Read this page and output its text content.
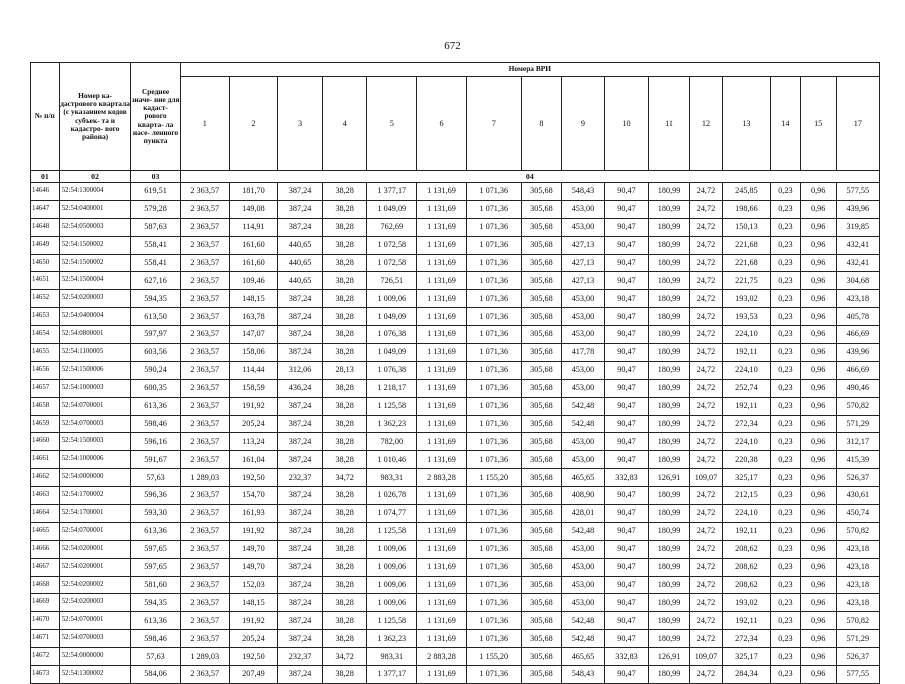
672
№ п/п	Номер ка- дастрового квартала (с указанием кодов субъек- та и кадастро- вого района)	Среднее значе- ние для кадаст- рового кварта- ла насе- ленного пункта	Номера ВРИ															
			1	2	3	4	5	6	7	8	9	10	11	12	13	14	15	17
01	02	03	04															
14646	52:54:1300004	619,51	2 363,57	181,70	387,24	38,28	1 377,17	1 131,69	1 071,36	305,68	548,43	90,47	180,99	24,72	245,85	0,23	0,96	577,55
14647	52:54:0400001	579,28	2 363,57	149,08	387,24	38,28	1 049,09	1 131,69	1 071,36	305,68	453,00	90,47	180,99	24,72	198,66	0,23	0,96	439,96
14648	52:54:0500003	587,63	2 363,57	114,91	387,24	38,28	762,69	1 131,69	1 071,36	305,68	453,00	90,47	180,99	24,72	150,13	0,23	0,96	319,85
14649	52:54:1500002	558,41	2 363,57	161,60	440,65	38,28	1 072,58	1 131,69	1 071,36	305,68	427,13	90,47	180,99	24,72	221,68	0,23	0,96	432,41
14650	52:54:1500002	558,41	2 363,57	161,60	440,65	38,28	1 072,58	1 131,69	1 071,36	305,68	427,13	90,47	180,99	24,72	221,68	0,23	0,96	432,41
14651	52:54:1500004	627,16	2 363,57	109,46	440,65	38,28	726,51	1 131,69	1 071,36	305,68	427,13	90,47	180,99	24,72	221,75	0,23	0,96	304,68
14652	52:54:0200003	594,35	2 363,57	148,15	387,24	38,28	1 009,06	1 131,69	1 071,36	305,68	453,00	90,47	180,99	24,72	193,02	0,23	0,96	423,18
14653	52:54:0400004	613,50	2 363,57	163,78	387,24	38,28	1 049,09	1 131,69	1 071,36	305,68	453,00	90,47	180,99	24,72	193,53	0,23	0,96	405,78
14654	52:54:0800001	597,97	2 363,57	147,07	387,24	38,28	1 076,38	1 131,69	1 071,36	305,68	453,00	90,47	180,99	24,72	224,10	0,23	0,96	466,69
14655	52:54:1100005	603,56	2 363,57	158,06	387,24	38,28	1 049,09	1 131,69	1 071,36	305,68	417,78	90,47	180,99	24,72	192,11	0,23	0,96	439,96
14656	52:54:1500006	590,24	2 363,57	114,44	312,06	28,13	1 076,38	1 131,69	1 071,36	305,68	453,00	90,47	180,99	24,72	224,10	0,23	0,96	466,69
14657	52:54:1000003	600,35	2 363,57	158,59	436,24	38,28	1 218,17	1 131,69	1 071,36	305,68	453,00	90,47	180,99	24,72	252,74	0,23	0,96	490,46
14658	52:54:0700001	613,36	2 363,57	191,92	387,24	38,28	1 125,58	1 131,69	1 071,36	305,68	542,48	90,47	180,99	24,72	192,11	0,23	0,96	570,82
14659	52:54:0700003	598,46	2 363,57	205,24	387,24	38,28	1 362,23	1 131,69	1 071,36	305,68	542,48	90,47	180,99	24,72	272,34	0,23	0,96	571,29
14660	52:54:1500003	596,16	2 363,57	113,24	387,24	38,28	782,00	1 131,69	1 071,36	305,68	453,00	90,47	180,99	24,72	224,10	0,23	0,96	312,17
14661	52:54:1000006	591,67	2 363,57	161,04	387,24	38,28	1 010,46	1 131,69	1 071,36	305,68	453,00	90,47	180,99	24,72	220,38	0,23	0,96	415,39
14662	52:54:0000000	57,63	1 289,03	192,50	232,37	34,72	983,31	2 883,28	1 155,20	305,68	465,65	332,83	126,91	109,07	325,17	0,23	0,96	526,37
14663	52:54:1700002	596,36	2 363,57	154,70	387,24	38,28	1 026,78	1 131,69	1 071,36	305,68	408,90	90,47	180,99	24,72	212,15	0,23	0,96	430,61
14664	52:54:1700001	593,30	2 363,57	161,93	387,24	38,28	1 074,77	1 131,69	1 071,36	305,68	428,01	90,47	180,99	24,72	224,10	0,23	0,96	450,74
14665	52:54:0700001	613,36	2 363,57	191,92	387,24	38,28	1 125,58	1 131,69	1 071,36	305,68	542,48	90,47	180,99	24,72	192,11	0,23	0,96	570,82
14666	52:54:0200001	597,65	2 363,57	149,70	387,24	38,28	1 009,06	1 131,69	1 071,36	305,68	453,00	90,47	180,99	24,72	208,62	0,23	0,96	423,18
14667	52:54:0200001	597,65	2 363,57	149,70	387,24	38,28	1 009,06	1 131,69	1 071,36	305,68	453,00	90,47	180,99	24,72	208,62	0,23	0,96	423,18
14668	52:54:0200002	581,60	2 363,57	152,03	387,24	38,28	1 009,06	1 131,69	1 071,36	305,68	453,00	90,47	180,99	24,72	208,62	0,23	0,96	423,18
14669	52:54:0200003	594,35	2 363,57	148,15	387,24	38,28	1 009,06	1 131,69	1 071,36	305,68	453,00	90,47	180,99	24,72	193,02	0,23	0,96	423,18
14670	52:54:0700001	613,36	2 363,57	191,92	387,24	38,28	1 125,58	1 131,69	1 071,36	305,68	542,48	90,47	180,99	24,72	192,11	0,23	0,96	570,82
14671	52:54:0700003	598,46	2 363,57	205,24	387,24	38,28	1 362,23	1 131,69	1 071,36	305,68	542,48	90,47	180,99	24,72	272,34	0,23	0,96	571,29
14672	52:54:0000000	57,63	1 289,03	192,50	232,37	34,72	983,31	2 883,28	1 155,20	305,68	465,65	332,83	126,91	109,07	325,17	0,23	0,96	526,37
14673	52:54:1300002	584,06	2 363,57	207,49	387,24	38,28	1 377,17	1 131,69	1 071,36	305,68	548,43	90,47	180,99	24,72	284,34	0,23	0,96	577,55
